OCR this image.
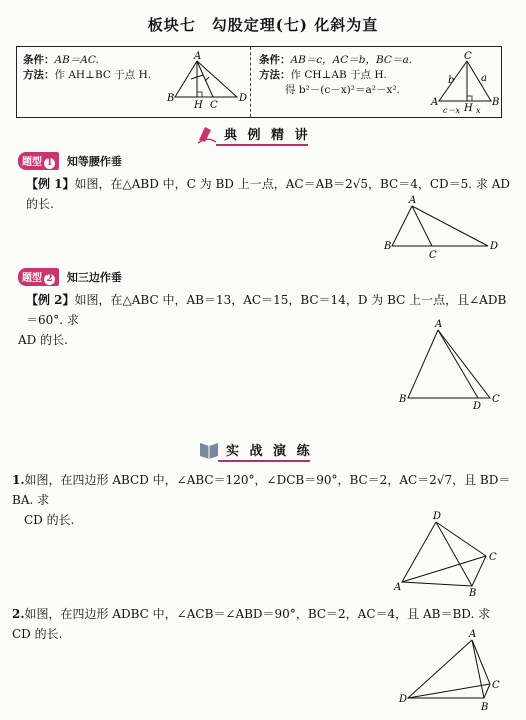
板块七　勾股定理(七) 化斜为直
条件：AB＝AC.
方法：作 AH⊥BC 于点 H.
A
B
H C
D
条件：AB＝c，AC＝b，BC＝a.
方法：作 CH⊥AB 于点 H.
得 b²－(c－x)²＝a²－x².
C
A
H
B
b	a
c－x x
典 例 精 讲
题型 1 知等腰作垂
【例 1】如图，在△ABD 中，C 为 BD 上一点，AC＝AB＝2√5，BC＝4，CD＝5. 求 AD 的长.	A
B
C
D
题型 2 知三边作垂
【例 2】如图，在△ABC 中，AB＝13，AC＝15，BC＝14，D 为 BC 上一点，且∠ADB＝60°. 求
AD 的长.
A
B
D
C
实 战 演 练
1.如图，在四边形 ABCD 中，∠ABC＝120°，∠DCB＝90°，BC＝2，AC＝2√7，且 BD＝BA. 求
CD 的长.	D
C
A
B
2.如图，在四边形 ADBC 中，∠ACB＝∠ABD＝90°，BC＝2，AC＝4，且 AB＝BD. 求 CD 的长.	A
D
C
B
